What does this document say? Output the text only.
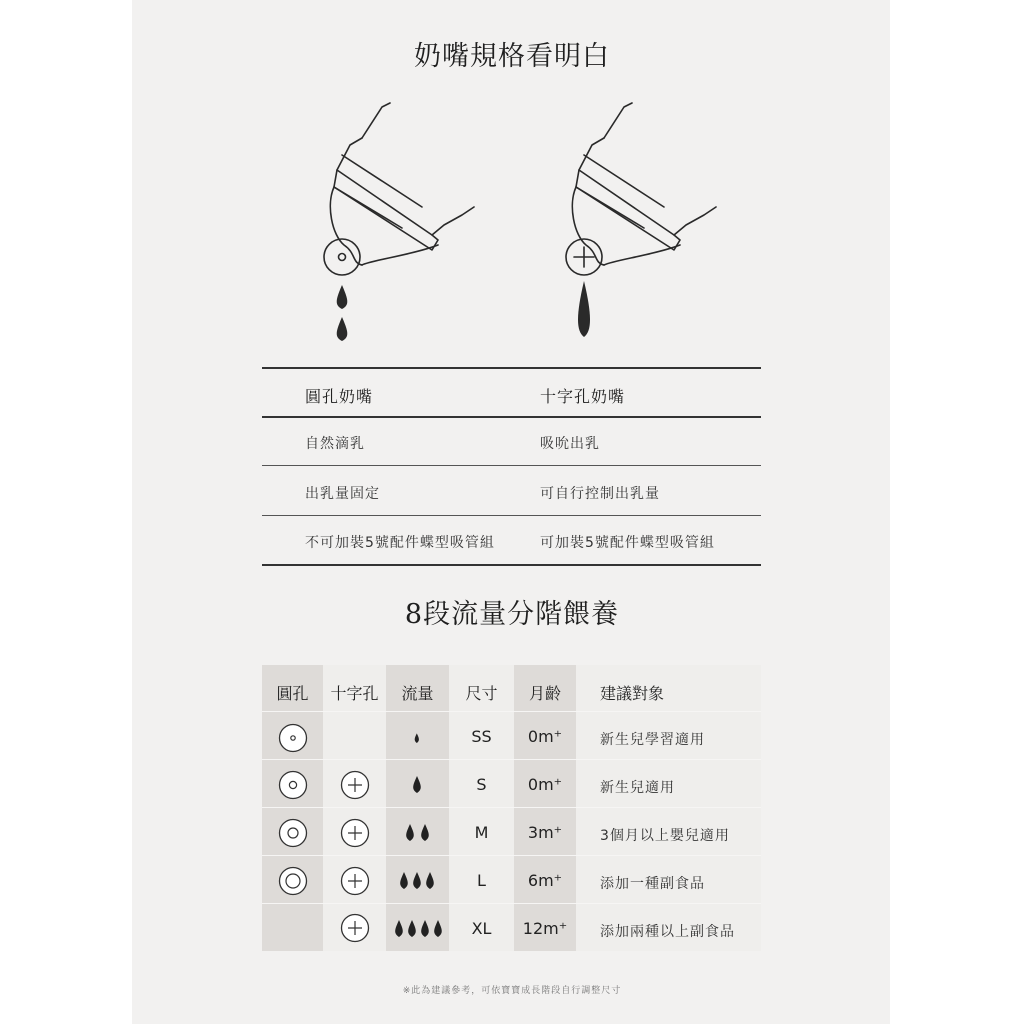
奶嘴規格看明白
圓孔奶嘴	十字孔奶嘴
自然滴乳	吸吮出乳
出乳量固定	可自行控制出乳量
不可加裝5號配件蝶型吸管組	可加裝5號配件蝶型吸管組
8段流量分階餵養
圓孔	十字孔	流量	尺寸	月齡	建議對象
SS	0m⁺	新生兒學習適用
S	0m⁺	新生兒適用
M	3m⁺	3個月以上嬰兒適用
L	6m⁺	添加一種副食品
XL	12m⁺	添加兩種以上副食品
※此為建議參考，可依寶寶成長階段自行調整尺寸
